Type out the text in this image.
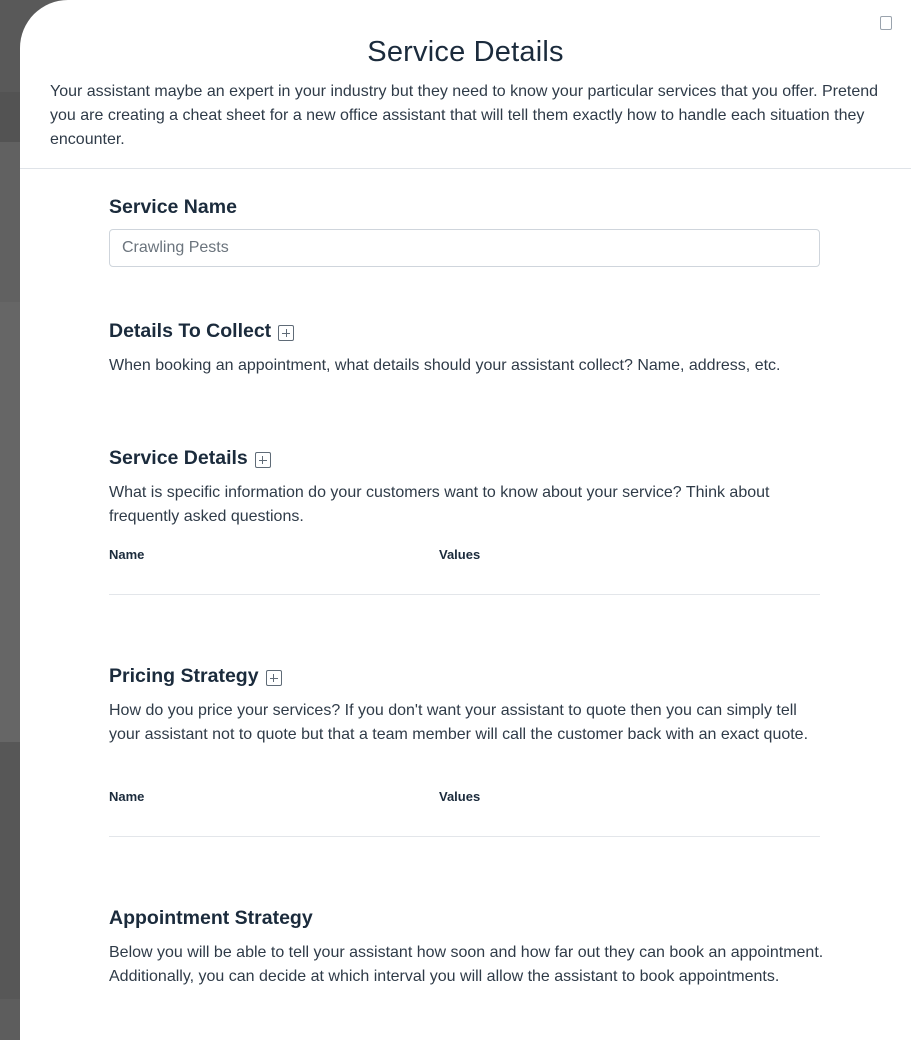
Service Details

Your assistant maybe an expert in your industry but they need to know your particular services that you offer. Pretend you are creating a cheat sheet for a new office assistant that will tell them exactly how to handle each situation they encounter.

Service Name
Crawling Pests
Details To Collect

When booking an appointment, what details should your assistant collect? Name, address, etc.

Service Details

What is specific information do your customers want to know about your service? Think about frequently asked questions.

Name	Values
Pricing Strategy

How do you price your services? If you don't want your assistant to quote then you can simply tell your assistant not to quote but that a team member will call the customer back with an exact quote.

Name	Values
Appointment Strategy

Below you will be able to tell your assistant how soon and how far out they can book an appointment. Additionally, you can decide at which interval you will allow the assistant to book appointments.
